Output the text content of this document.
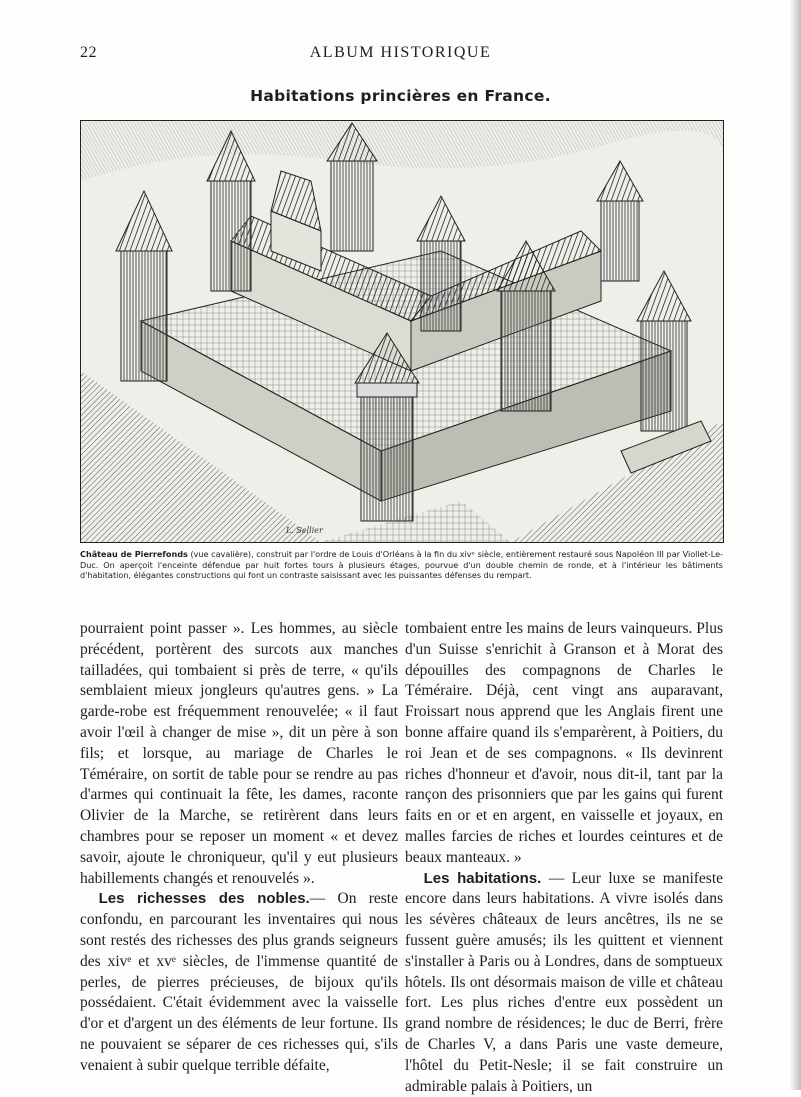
22	ALBUM HISTORIQUE
Habitations princières en France.
L. Sellier
Château de Pierrefonds (vue cavalière), construit par l'ordre de Louis d'Orléans à la fin du xivᵉ siècle, entièrement restauré sous Napoléon III par Viollet-Le-Duc. On aperçoit l'enceinte défendue par huit fortes tours à plusieurs étages, pourvue d'un double chemin de ronde, et à l'intérieur les bâtiments d'habitation, élégantes constructions qui font un contraste saisissant avec les puissantes défenses du rempart.

pourraient point passer ». Les hommes, au siècle précédent, portèrent des surcots aux manches tailladées, qui tombaient si près de terre, « qu'ils semblaient mieux jongleurs qu'autres gens. » La garde-robe est fréquemment renouvelée; « il faut avoir l'œil à changer de mise », dit un père à son fils; et lorsque, au mariage de Charles le Téméraire, on sortit de table pour se rendre au pas d'armes qui continuait la fête, les dames, raconte Olivier de la Marche, se retirèrent dans leurs chambres pour se reposer un moment « et devez savoir, ajoute le chroniqueur, qu'il y eut plusieurs habillements changés et renouvelés ».

Les richesses des nobles.— On reste confondu, en parcourant les inventaires qui nous sont restés des richesses des plus grands seigneurs des xivᵉ et xvᵉ siècles, de l'immense quantité de perles, de pierres précieuses, de bijoux qu'ils possédaient. C'était évidemment avec la vaisselle d'or et d'argent un des éléments de leur fortune. Ils ne pouvaient se séparer de ces richesses qui, s'ils venaient à subir quelque terrible défaite,

tombaient entre les mains de leurs vainqueurs. Plus d'un Suisse s'enrichit à Granson et à Morat des dépouilles des compagnons de Charles le Téméraire. Déjà, cent vingt ans auparavant, Froissart nous apprend que les Anglais firent une bonne affaire quand ils s'emparèrent, à Poitiers, du roi Jean et de ses compagnons. « Ils devinrent riches d'honneur et d'avoir, nous dit-il, tant par la rançon des prisonniers que par les gains qui furent faits en or et en argent, en vaisselle et joyaux, en malles farcies de riches et lourdes ceintures et de beaux manteaux. »

Les habitations. — Leur luxe se manifeste encore dans leurs habitations. A vivre isolés dans les sévères châteaux de leurs ancêtres, ils ne se fussent guère amusés; ils les quittent et viennent s'installer à Paris ou à Londres, dans de somptueux hôtels. Ils ont désormais maison de ville et château fort. Les plus riches d'entre eux possèdent un grand nombre de résidences; le duc de Berri, frère de Charles V, a dans Paris une vaste demeure, l'hôtel du Petit-Nesle; il se fait construire un admirable palais à Poitiers, un
